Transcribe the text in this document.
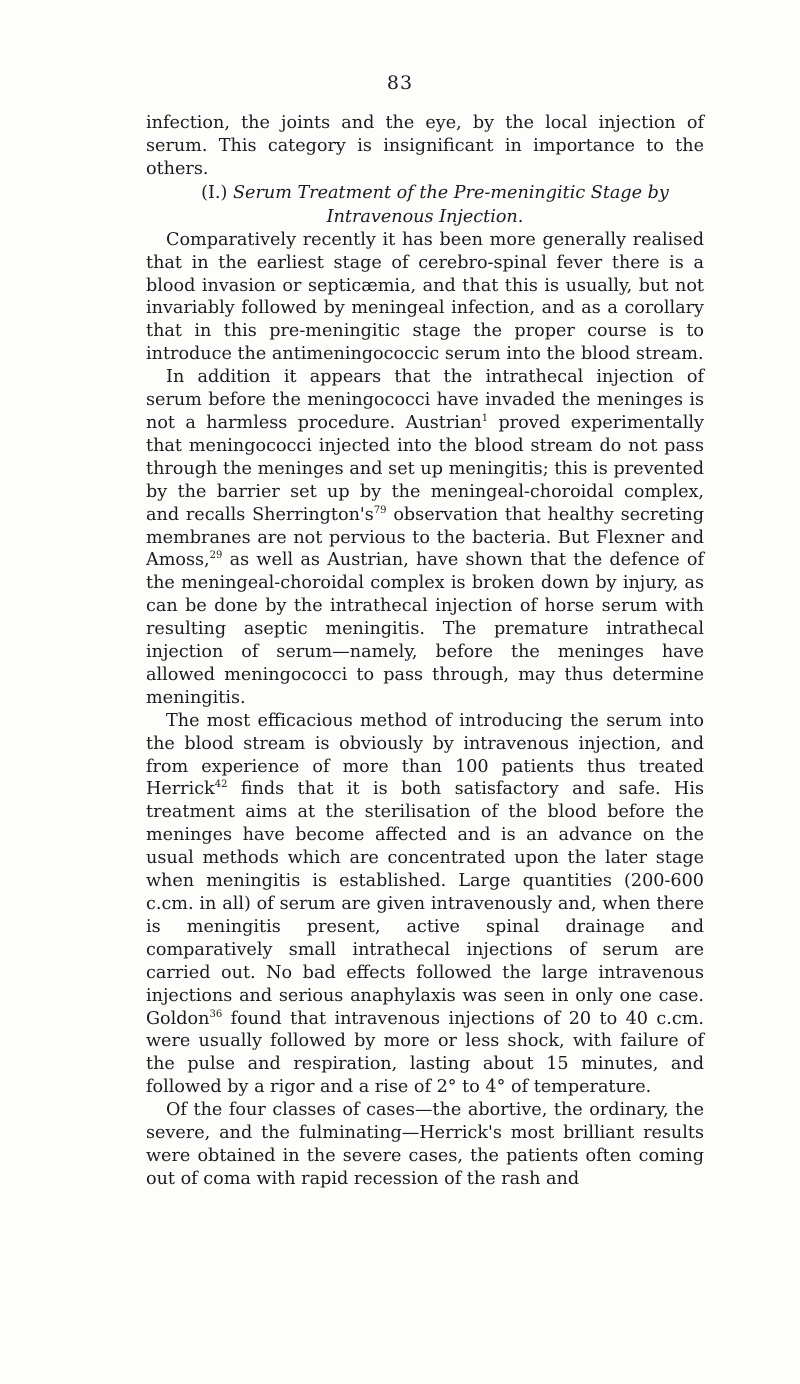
83

infection, the joints and the eye, by the local injection of serum. This category is insignificant in importance to the others.

(I.) Serum Treatment of the Pre-meningitic Stage by Intravenous Injection.

Comparatively recently it has been more generally realised that in the earliest stage of cerebro-spinal fever there is a blood invasion or septicæmia, and that this is usually, but not invariably followed by meningeal infection, and as a corollary that in this pre-meningitic stage the proper course is to introduce the antimeningococcic serum into the blood stream.

In addition it appears that the intrathecal injection of serum before the meningococci have invaded the meninges is not a harmless procedure. Austrian$^1$ proved experimentally that meningococci injected into the blood stream do not pass through the meninges and set up meningitis; this is prevented by the barrier set up by the meningeal-choroidal complex, and recalls $Sherrington's^{79}$ observation that healthy secreting membranes are not pervious to the bacteria. But Flexner and Amoss,$^{29}$ as well as Austrian, have shown that the defence of the meningeal-choroidal complex is broken down by injury, as can be done by the intrathecal injection of horse serum with resulting aseptic meningitis. The premature intrathecal injection of serum—namely, before the meninges have allowed meningococci to pass through, may thus determine meningitis.

The most efficacious method of introducing the serum into the blood stream is obviously by intravenous injection, and from experience of more than 100 patients thus treated Herrick$^{42}$ finds that it is both satisfactory and safe. His treatment aims at the sterilisation of the blood before the meninges have become affected and is an advance on the usual methods which are concentrated upon the later stage when meningitis is established. Large quantities (200-600 c.cm. in all) of serum are given intravenously and, when there is meningitis present, active spinal drainage and comparatively small intrathecal injections of serum are carried out. No bad effects followed the large intravenous injections and serious anaphylaxis was seen in only one case. Goldon$^{36}$ found that intravenous injections of 20 to 40 c.cm. were usually followed by more or less shock, with failure of the pulse and respiration, lasting about 15 minutes, and followed by a rigor and a rise of 2° to 4° of temperature.

Of the four classes of cases—the abortive, the ordinary, the severe, and the fulminating—Herrick's most brilliant results were obtained in the severe cases, the patients often coming out of coma with rapid recession of the rash and
